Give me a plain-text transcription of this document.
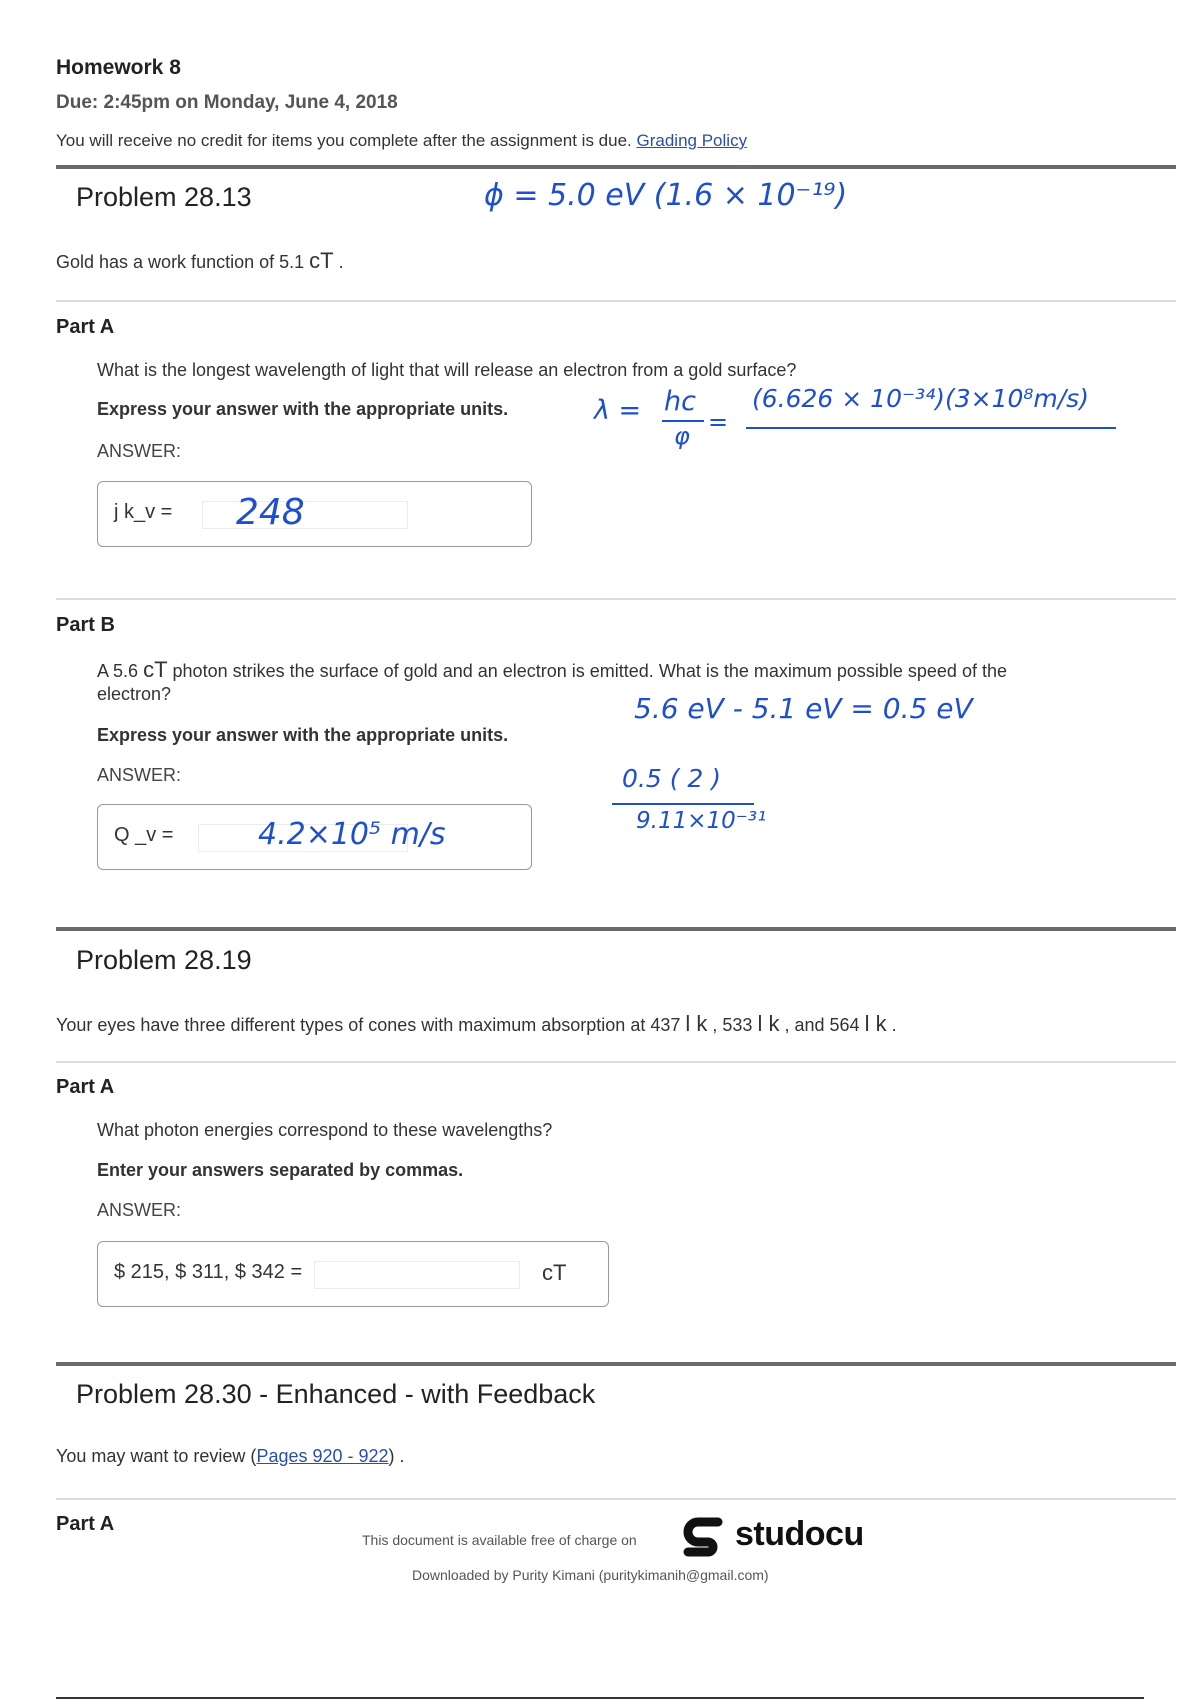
Homework 8
Due: 2:45pm on Monday, June 4, 2018
You will receive no credit for items you complete after the assignment is due. Grading Policy
Problem 28.13	ϕ = 5.0 eV (1.6 × 10⁻¹⁹)
Gold has a work function of 5.1 cT .
Part A
What is the longest wavelength of light that will release an electron from a gold surface?
Express your answer with the appropriate units.
ANSWER:
j k_v = 248
λ = hc
φ =
(6.626 × 10⁻³⁴)(3×10⁸m/s)
Part B
A 5.6 cT photon strikes the surface of gold and an electron is emitted. What is the maximum possible speed of the
electron?	5.6 eV - 5.1 eV = 0.5 eV
Express your answer with the appropriate units.
ANSWER:	0.5 ( 2 )
9.11×10⁻³¹
Q _v =	4.2×10⁵ m/s
Problem 28.19
Your eyes have three different types of cones with maximum absorption at 437 l k , 533 l k , and 564 l k .
Part A
What photon energies correspond to these wavelengths?
Enter your answers separated by commas.
ANSWER:
$ 215, $ 311, $ 342 =	cT
Problem 28.30 - Enhanced - with Feedback
You may want to review (Pages 920 - 922) .
Part A
This document is available free of charge on	studocu
Downloaded by Purity Kimani (puritykimanih@gmail.com)
